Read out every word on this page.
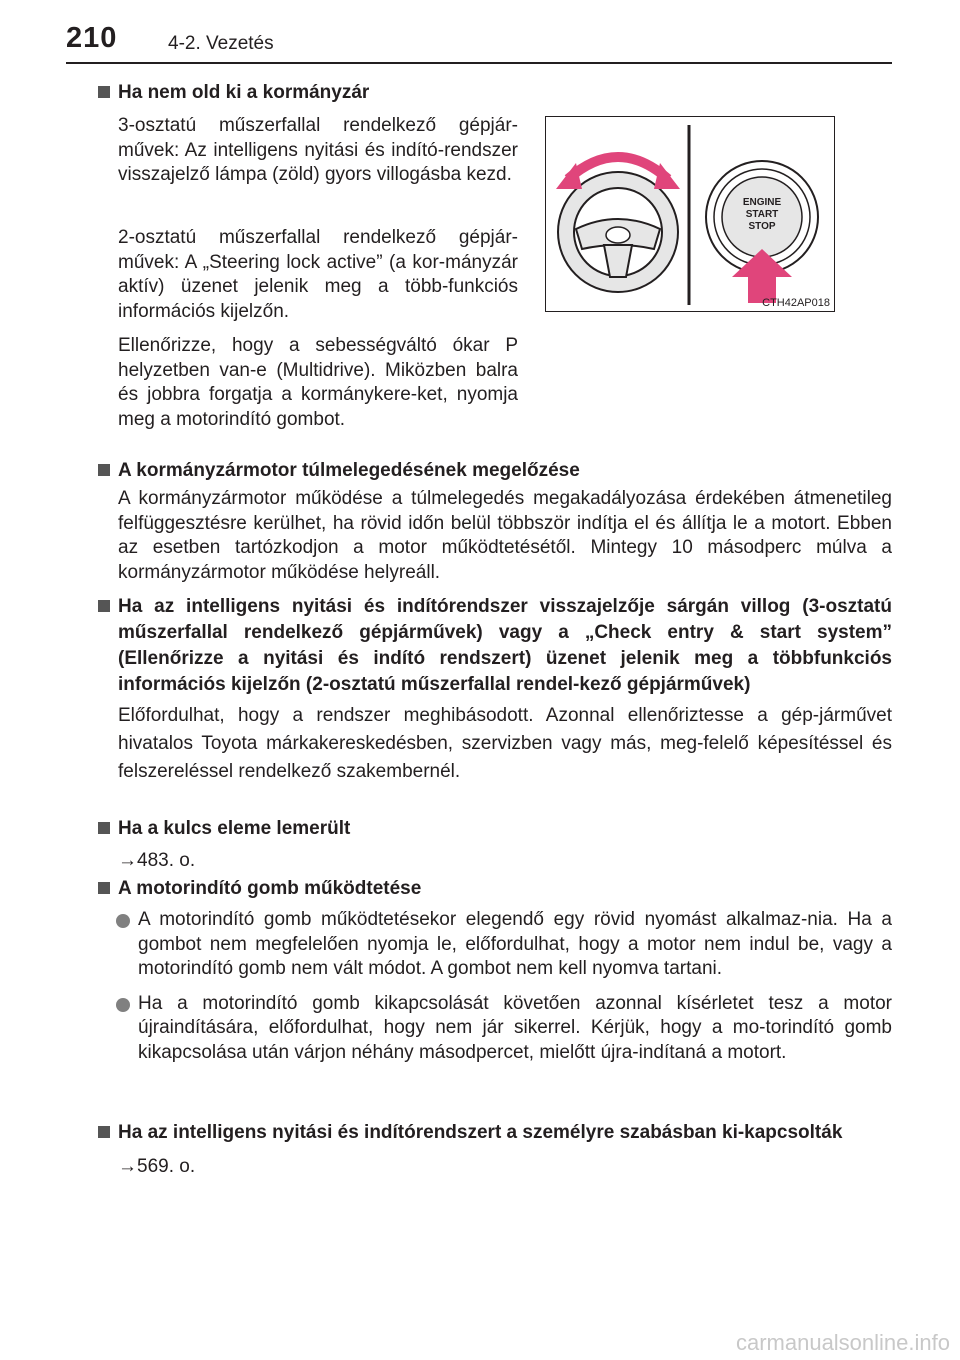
210	4-2. Vezetés
Ha nem old ki a kormányzár
3-osztatú műszerfallal rendelkező gépjár-művek: Az intelligens nyitási és indító-rendszer visszajelző lámpa (zöld) gyors villogásba kezd.
2-osztatú műszerfallal rendelkező gépjár-művek: A „Steering lock active” (a kor-mányzár aktív) üzenet jelenik meg a több-funkciós információs kijelzőn.
Ellenőrizze, hogy a sebességváltó ókar P helyzetben van-e (Multidrive). Miközben balra és jobbra forgatja a kormánykere-ket, nyomja meg a motorindító gombot.
ENGINE
START
STOP
CTH42AP018
A kormányzármotor túlmelegedésének megelőzése
A kormányzármotor működése a túlmelegedés megakadályozása érdekében átmenetileg felfüggesztésre kerülhet, ha rövid időn belül többször indítja el és állítja le a motort. Ebben az esetben tartózkodjon a motor működtetésétől. Mintegy 10 másodperc múlva a kormányzármotor működése helyreáll.
Ha az intelligens nyitási és indítórendszer visszajelzője sárgán villog (3-osztatú műszerfallal rendelkező gépjárművek) vagy a „Check entry & start system” (Ellenőrizze a nyitási és indító rendszert) üzenet jelenik meg a többfunkciós információs kijelzőn (2-osztatú műszerfallal rendel-kező gépjárművek)
Előfordulhat, hogy a rendszer meghibásodott. Azonnal ellenőriztesse a gép-járművet hivatalos Toyota márkakereskedésben, szervizben vagy más, meg-felelő képesítéssel és felszereléssel rendelkező szakembernél.
Ha a kulcs eleme lemerült
→483. o.
A motorindító gomb működtetése
A motorindító gomb működtetésekor elegendő egy rövid nyomást alkalmaz-nia. Ha a gombot nem megfelelően nyomja le, előfordulhat, hogy a motor nem indul be, vagy a motorindító gomb nem vált módot. A gombot nem kell nyomva tartani.
Ha a motorindító gomb kikapcsolását követően azonnal kísérletet tesz a motor újraindítására, előfordulhat, hogy nem jár sikerrel. Kérjük, hogy a mo-torindító gomb kikapcsolása után várjon néhány másodpercet, mielőtt újra-indítaná a motort.
Ha az intelligens nyitási és indítórendszert a személyre szabásban ki-kapcsolták
→569. o.
carmanualsonline.info
